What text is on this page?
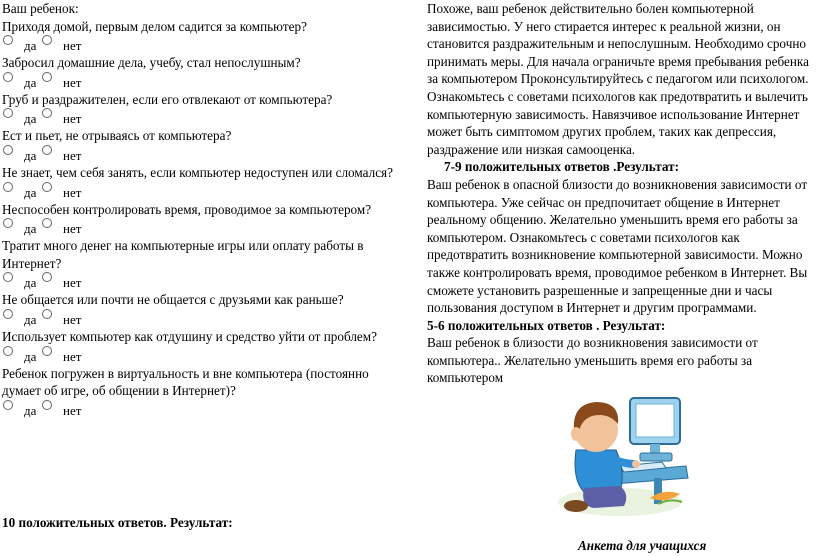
Ваш ребенок:

Приходя домой, первым делом садится за компьютер?

да нет

Забросил домашние дела, учебу, стал непослушным?

да нет

Груб и раздражителен, если его отвлекают от компьютера?

да нет

Ест и пьет, не отрываясь от компьютера?

да нет

Не знает, чем себя занять, если компьютер недоступен или сломался?

да нет

Неспособен контролировать время, проводимое за компьютером?

да нет

Тратит много денег на компьютерные игры или оплату работы в Интернет?

да нет

Не общается или почти не общается с друзьями как раньше?

да нет

Использует компьютер как отдушину и средство уйти от проблем?

да нет

Ребенок погружен в виртуальность и вне компьютера (постоянно думает об игре, об общении в Интернет)?

да нет
10 положительных ответов. Результат:

Похоже, ваш ребенок действительно болен компьютерной зависимостью. У него стирается интерес к реальной жизни, он становится раздражительным и непослушным. Необходимо срочно принимать меры. Для начала ограничьте время пребывания ребенка за компьютером Проконсультируйтесь с педагогом или психологом. Ознакомьтесь с советами психологов как предотвратить и вылечить компьютерную зависимость. Навязчивое использование Интернет может быть симптомом других проблем, таких как депрессия, раздражение или низкая самооценка.

7-9 положительных ответов .Результат:

Ваш ребенок в опасной близости до возникновения зависимости от компьютера. Уже сейчас он предпочитает общение в Интернет реальному общению. Желательно уменьшить время его работы за компьютером. Ознакомьтесь с советами психологов как предотвратить возникновение компьютерной зависимости. Можно также контролировать время, проводимое ребенком в Интернет. Вы сможете установить разрешенные и запрещенные дни и часы пользования доступом в Интернет и другим программами.

5-6 положительных ответов . Результат:

Ваш ребенок в близости до возникновения зависимости от компьютера.. Желательно уменьшить время его работы за компьютером

Анкета для учащихся
